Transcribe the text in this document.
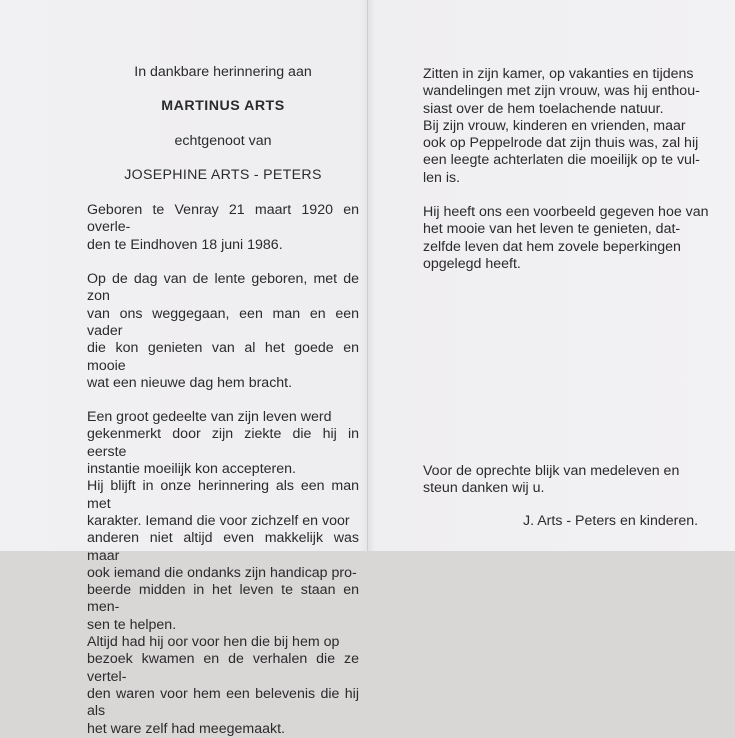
In dankbare herinnering aan

MARTINUS ARTS

echtgenoot van

JOSEPHINE ARTS - PETERS

Geboren te Venray 21 maart 1920 en overle-

den te Eindhoven 18 juni 1986.

Op de dag van de lente geboren, met de zon

van ons weggegaan, een man en een vader

die kon genieten van al het goede en mooie

wat een nieuwe dag hem bracht.

Een groot gedeelte van zijn leven werd

gekenmerkt door zijn ziekte die hij in eerste

instantie moeilijk kon accepteren.

Hij blijft in onze herinnering als een man met

karakter. Iemand die voor zichzelf en voor

anderen niet altijd even makkelijk was maar

ook iemand die ondanks zijn handicap pro-

beerde midden in het leven te staan en men-

sen te helpen.

Altijd had hij oor voor hen die bij hem op

bezoek kwamen en de verhalen die ze vertel-

den waren voor hem een belevenis die hij als

het ware zelf had meegemaakt.

Zitten in zijn kamer, op vakanties en tijdens

wandelingen met zijn vrouw, was hij enthou-

siast over de hem toelachende natuur.

Bij zijn vrouw, kinderen en vrienden, maar

ook op Peppelrode dat zijn thuis was, zal hij

een leegte achterlaten die moeilijk op te vul-

len is.

Hij heeft ons een voorbeeld gegeven hoe van

het mooie van het leven te genieten, dat-

zelfde leven dat hem zovele beperkingen

opgelegd heeft.

Voor de oprechte blijk van medeleven en

steun danken wij u.

J. Arts - Peters en kinderen.
